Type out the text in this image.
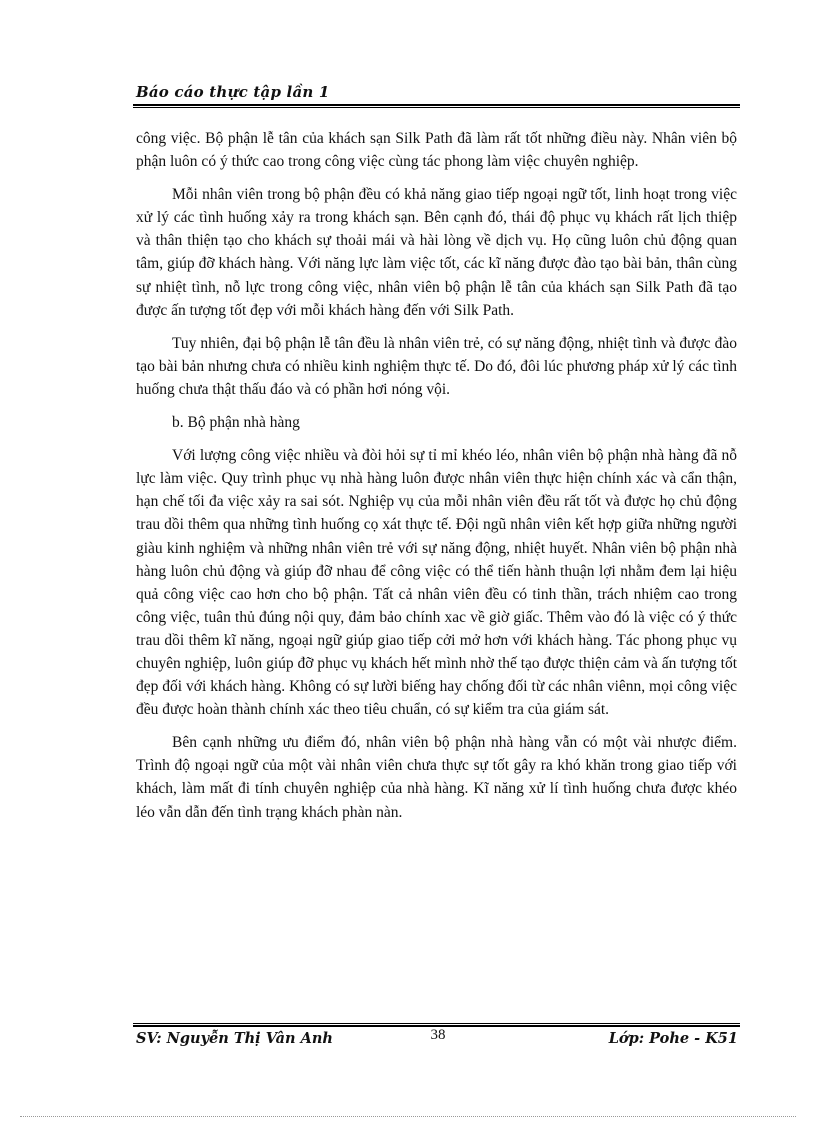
Báo cáo thực tập lần 1

công việc. Bộ phận lễ tân của khách sạn Silk Path đã làm rất tốt những điều này. Nhân viên bộ phận luôn có ý thức cao trong công việc cùng tác phong làm việc chuyên nghiệp.

Mỗi nhân viên trong bộ phận đều có khả năng giao tiếp ngoại ngữ tốt, linh hoạt trong việc xử lý các tình huống xảy ra trong khách sạn. Bên cạnh đó, thái độ phục vụ khách rất lịch thiệp và thân thiện tạo cho khách sự thoải mái và hài lòng về dịch vụ. Họ cũng luôn chủ động quan tâm, giúp đỡ khách hàng. Với năng lực làm việc tốt, các kĩ năng được đào tạo bài bản, thân cùng sự nhiệt tình, nỗ lực trong công việc, nhân viên bộ phận lễ tân của khách sạn Silk Path đã tạo được ấn tượng tốt đẹp với mỗi khách hàng đến với Silk Path.

Tuy nhiên, đại bộ phận lễ tân đều là nhân viên trẻ, có sự năng động, nhiệt tình và được đào tạo bài bản nhưng chưa có nhiều kinh nghiệm thực tế. Do đó, đôi lúc phương pháp xử lý các tình huống chưa thật thấu đáo và có phần hơi nóng vội.

b. Bộ phận nhà hàng

Với lượng công việc nhiều và đòi hỏi sự tỉ mỉ khéo léo, nhân viên bộ phận nhà hàng đã nỗ lực làm việc. Quy trình phục vụ nhà hàng luôn được nhân viên thực hiện chính xác và cẩn thận, hạn chế tối đa việc xảy ra sai sót. Nghiệp vụ của mỗi nhân viên đều rất tốt và được họ chủ động trau dồi thêm qua những tình huống cọ xát thực tế. Đội ngũ nhân viên kết hợp giữa những người giàu kinh nghiệm và những nhân viên trẻ với sự năng động, nhiệt huyết. Nhân viên bộ phận nhà hàng luôn chủ động và giúp đỡ nhau để công việc có thể tiến hành thuận lợi nhằm đem lại hiệu quả công việc cao hơn cho bộ phận. Tất cả nhân viên đều có tinh thần, trách nhiệm cao trong công việc, tuân thủ đúng nội quy, đảm bảo chính xac về giờ giấc. Thêm vào đó là việc có ý thức trau dồi thêm kĩ năng, ngoại ngữ giúp giao tiếp cởi mở hơn với khách hàng. Tác phong phục vụ chuyên nghiệp, luôn giúp đỡ phục vụ khách hết mình nhờ thế tạo được thiện cảm và ấn tượng tốt đẹp đối với khách hàng. Không có sự lười biếng hay chống đối từ các nhân viênn, mọi công việc đều được hoàn thành chính xác theo tiêu chuẩn, có sự kiểm tra của giám sát.

Bên cạnh những ưu điểm đó, nhân viên bộ phận nhà hàng vẫn có một vài nhược điểm. Trình độ ngoại ngữ của một vài nhân viên chưa thực sự tốt gây ra khó khăn trong giao tiếp với khách, làm mất đi tính chuyên nghiệp của nhà hàng. Kĩ năng xử lí tình huống chưa được khéo léo vẫn dẫn đến tình trạng khách phàn nàn.

SV: Nguyễn Thị Vân Anh	38	Lớp: Pohe - K51
